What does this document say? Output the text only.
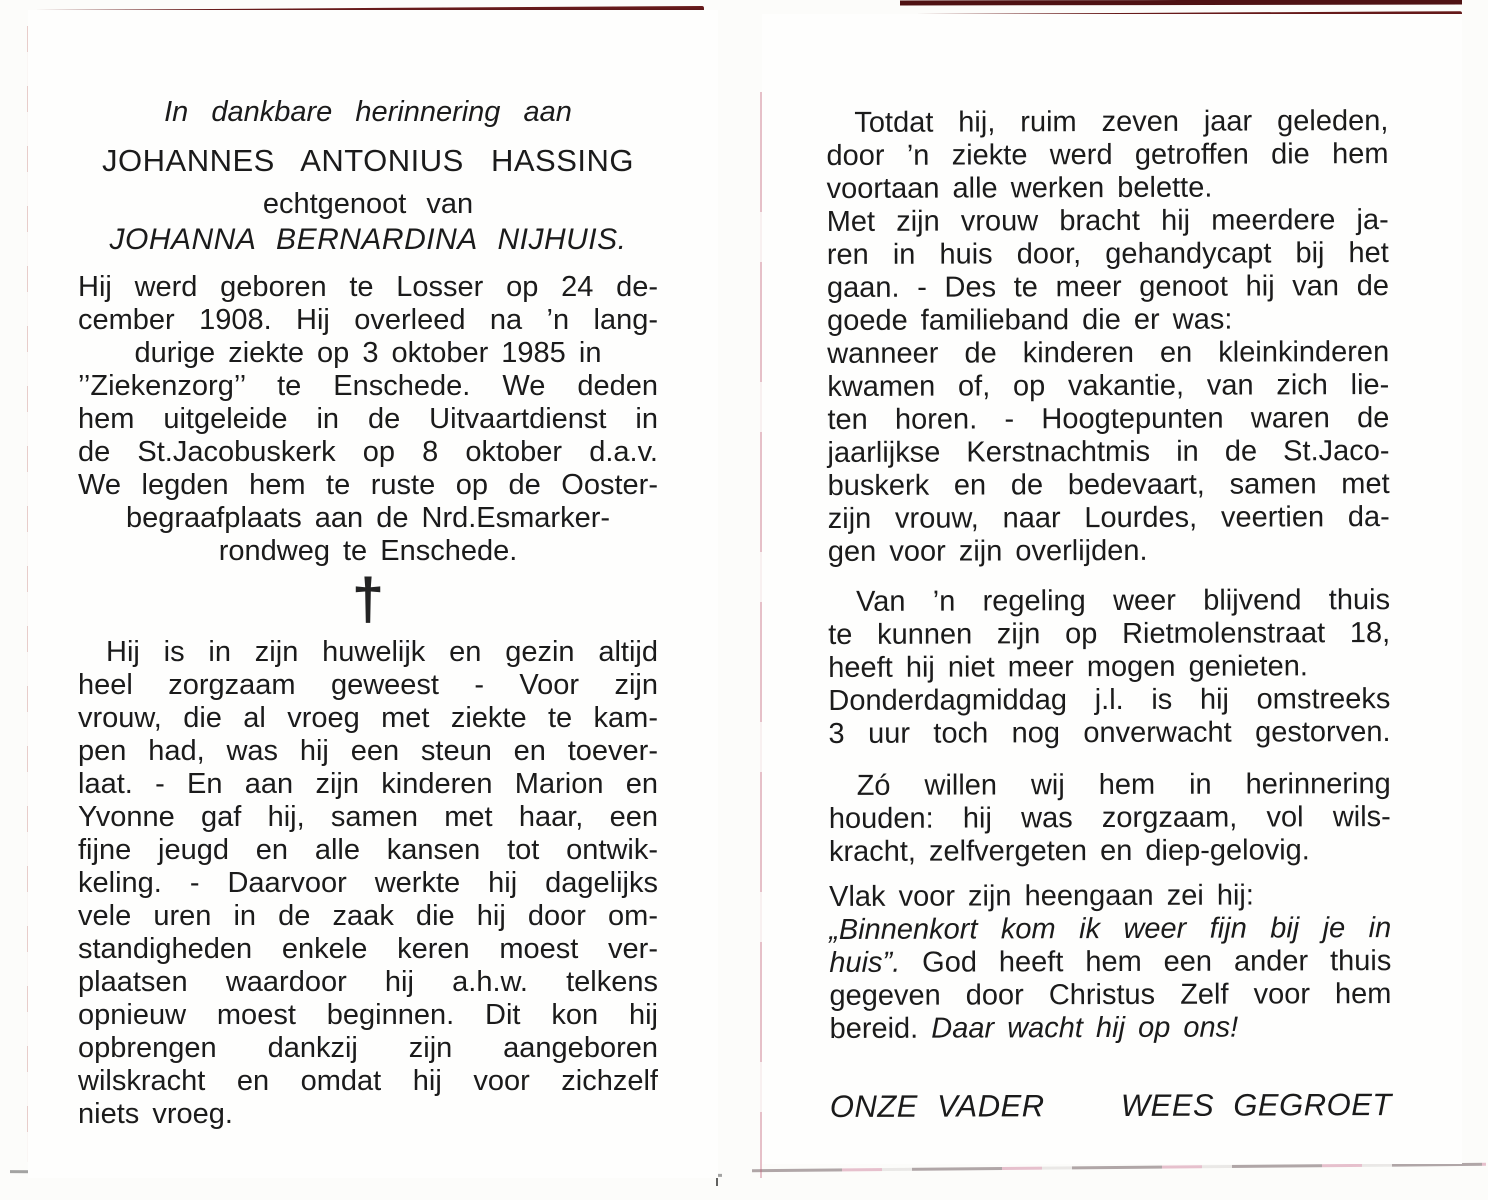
In dankbare herinnering aan
JOHANNES ANTONIUS HASSING
echtgenoot van
JOHANNA BERNARDINA NIJHUIS.
Hij werd geboren te Losser op 24 de-
cember 1908. Hij overleed na ’n lang-
durige ziekte op 3 oktober 1985 in
’’Ziekenzorg’’ te Enschede. We deden
hem uitgeleide in de Uitvaartdienst in
de St.Jacobuskerk op 8 oktober d.a.v.
We legden hem te ruste op de Ooster-
begraafplaats aan de Nrd.Esmarker-
rondweg te Enschede.
†
Hij is in zijn huwelijk en gezin altijd
heel zorgzaam geweest - Voor zijn
vrouw, die al vroeg met ziekte te kam-
pen had, was hij een steun en toever-
laat. - En aan zijn kinderen Marion en
Yvonne gaf hij, samen met haar, een
fijne jeugd en alle kansen tot ontwik-
keling. - Daarvoor werkte hij dagelijks
vele uren in de zaak die hij door om-
standigheden enkele keren moest ver-
plaatsen waardoor hij a.h.w. telkens
opnieuw moest beginnen. Dit kon hij
opbrengen dankzij zijn aangeboren
wilskracht en omdat hij voor zichzelf
niets vroeg.
Totdat hij, ruim zeven jaar geleden,
door ’n ziekte werd getroffen die hem
voortaan alle werken belette.
Met zijn vrouw bracht hij meerdere ja-
ren in huis door, gehandycapt bij het
gaan. - Des te meer genoot hij van de
goede familieband die er was:
wanneer de kinderen en kleinkinderen
kwamen of, op vakantie, van zich lie-
ten horen. - Hoogtepunten waren de
jaarlijkse Kerstnachtmis in de St.Jaco-
buskerk en de bedevaart, samen met
zijn vrouw, naar Lourdes, veertien da-
gen voor zijn overlijden.
Van ’n regeling weer blijvend thuis
te kunnen zijn op Rietmolenstraat 18,
heeft hij niet meer mogen genieten.
Donderdagmiddag j.l. is hij omstreeks
3 uur toch nog onverwacht gestorven.
Zó willen wij hem in herinnering
houden: hij was zorgzaam, vol wils-
kracht, zelfvergeten en diep-gelovig.
Vlak voor zijn heengaan zei hij:
„Binnenkort kom ik weer fijn bij je in
huis”. God heeft hem een ander thuis
gegeven door Christus Zelf voor hem
bereid. Daar wacht hij op ons!
ONZE VADER WEES GEGROET
